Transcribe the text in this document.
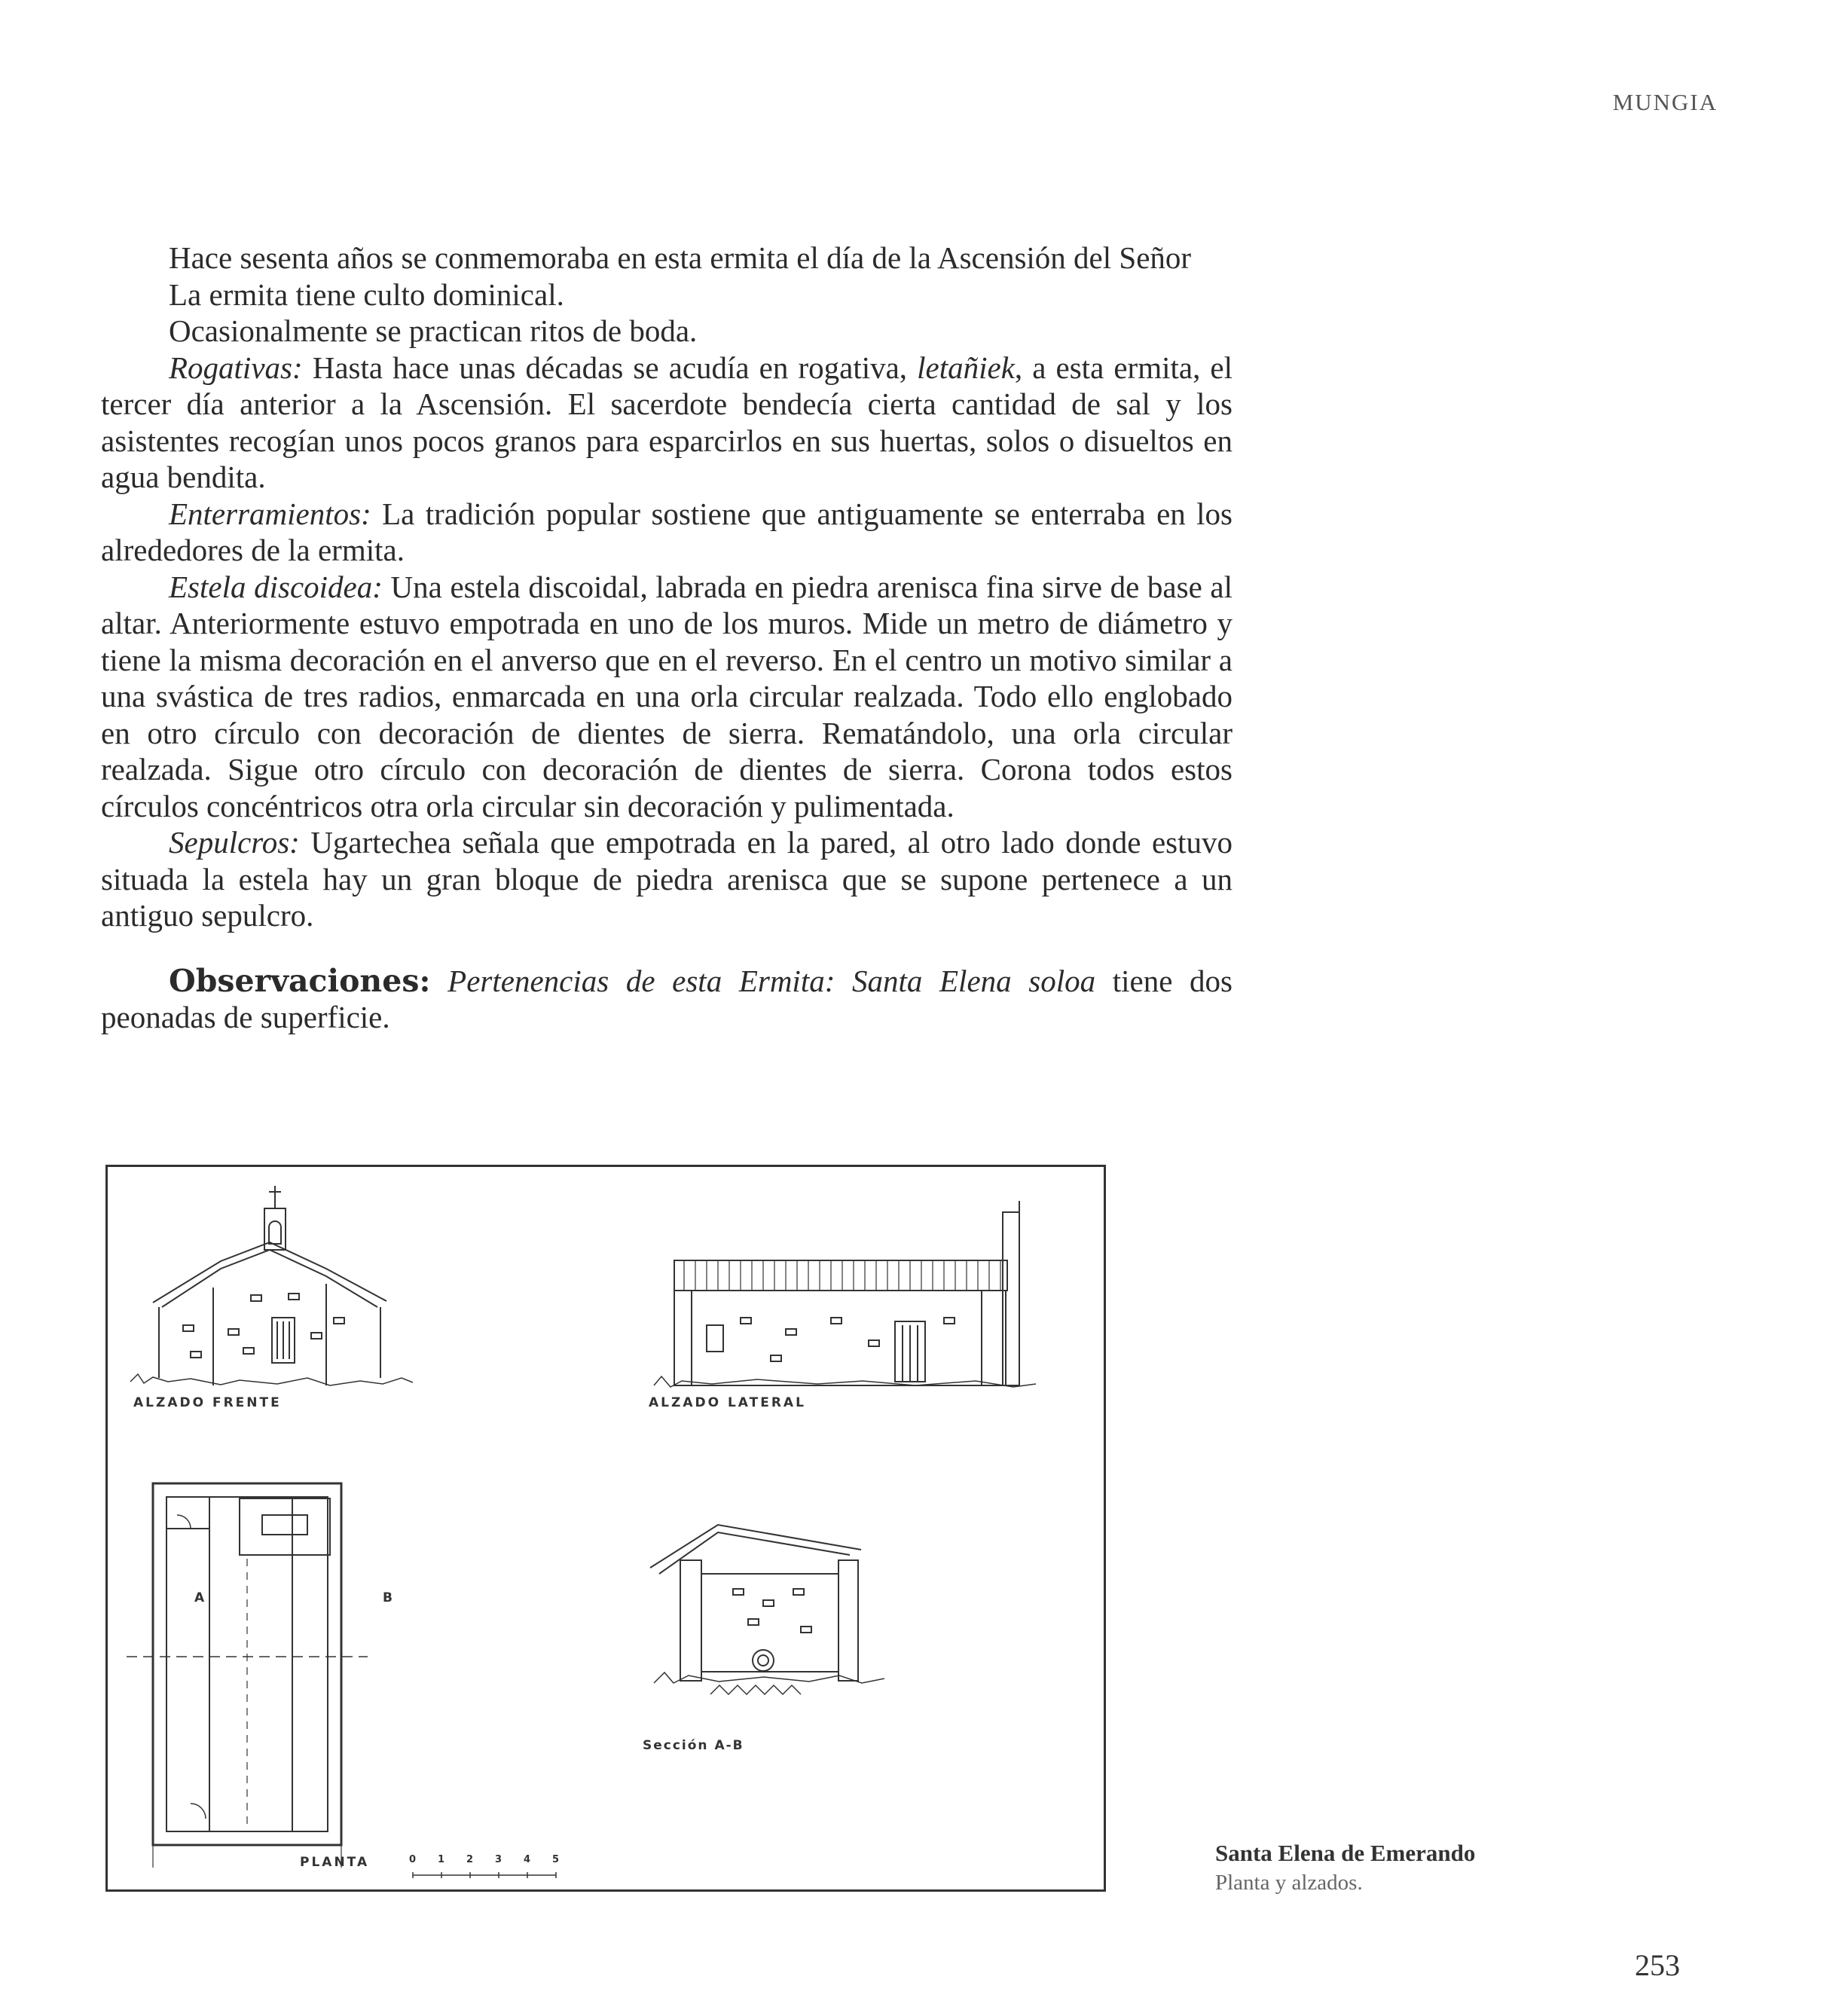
MUNGIA

Hace sesenta años se conmemoraba en esta ermita el día de la Ascensión del Señor

La ermita tiene culto dominical.

Ocasionalmente se practican ritos de boda.

Rogativas: Hasta hace unas décadas se acudía en rogativa, letañiek, a esta ermita, el tercer día anterior a la Ascensión. El sacerdote bendecía cierta cantidad de sal y los asistentes recogían unos pocos granos para esparcirlos en sus huertas, solos o disueltos en agua bendita.

Enterramientos: La tradición popular sostiene que antiguamente se enterraba en los alrededores de la ermita.

Estela discoidea: Una estela discoidal, labrada en piedra arenisca fina sirve de base al altar. Anteriormente estuvo empotrada en uno de los muros. Mide un metro de diámetro y tiene la misma decoración en el anverso que en el reverso. En el centro un motivo similar a una svástica de tres radios, enmarcada en una orla circular realzada. Todo ello englobado en otro círculo con decoración de dientes de sierra. Rematándolo, una orla circular realzada. Sigue otro círculo con decoración de dientes de sierra. Corona todos estos círculos concéntricos otra orla circular sin decoración y pulimentada.

Sepulcros: Ugartechea señala que empotrada en la pared, al otro lado donde estuvo situada la estela hay un gran bloque de piedra arenisca que se supone pertenece a un antiguo sepulcro.

Observaciones: Pertenencias de esta Ermita: Santa Elena soloa tiene dos peonadas de superficie.

ALZADO FRENTE	ALZADO LATERAL
PLANTA
Sección A-B
A	B
0 1 2 3 4 5	Santa Elena de Emerando
Planta y alzados.
253
